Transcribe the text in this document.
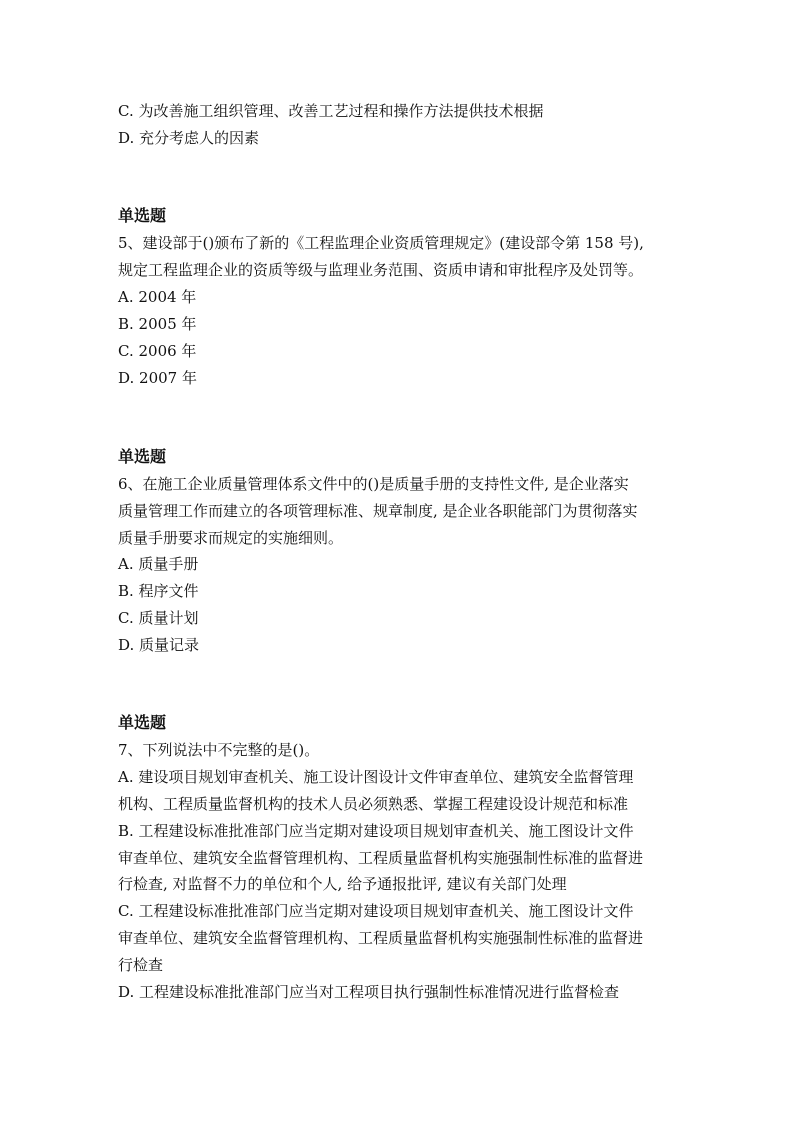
C. 为改善施工组织管理、改善工艺过程和操作方法提供技术根据
D. 充分考虑人的因素
单选题
5、建设部于()颁布了新的《工程监理企业资质管理规定》(建设部令第 158 号),
规定工程监理企业的资质等级与监理业务范围、资质申请和审批程序及处罚等。
A. 2004 年
B. 2005 年
C. 2006 年
D. 2007 年
单选题
6、在施工企业质量管理体系文件中的()是质量手册的支持性文件, 是企业落实
质量管理工作而建立的各项管理标准、规章制度, 是企业各职能部门为贯彻落实
质量手册要求而规定的实施细则。
A. 质量手册
B. 程序文件
C. 质量计划
D. 质量记录
单选题
7、下列说法中不完整的是()。
A. 建设项目规划审查机关、施工设计图设计文件审查单位、建筑安全监督管理
机构、工程质量监督机构的技术人员必须熟悉、掌握工程建设设计规范和标准
B. 工程建设标准批准部门应当定期对建设项目规划审查机关、施工图设计文件
审查单位、建筑安全监督管理机构、工程质量监督机构实施强制性标准的监督进
行检查, 对监督不力的单位和个人, 给予通报批评, 建议有关部门处理
C. 工程建设标准批准部门应当定期对建设项目规划审查机关、施工图设计文件
审查单位、建筑安全监督管理机构、工程质量监督机构实施强制性标准的监督进
行检查
D. 工程建设标准批准部门应当对工程项目执行强制性标准情况进行监督检查
